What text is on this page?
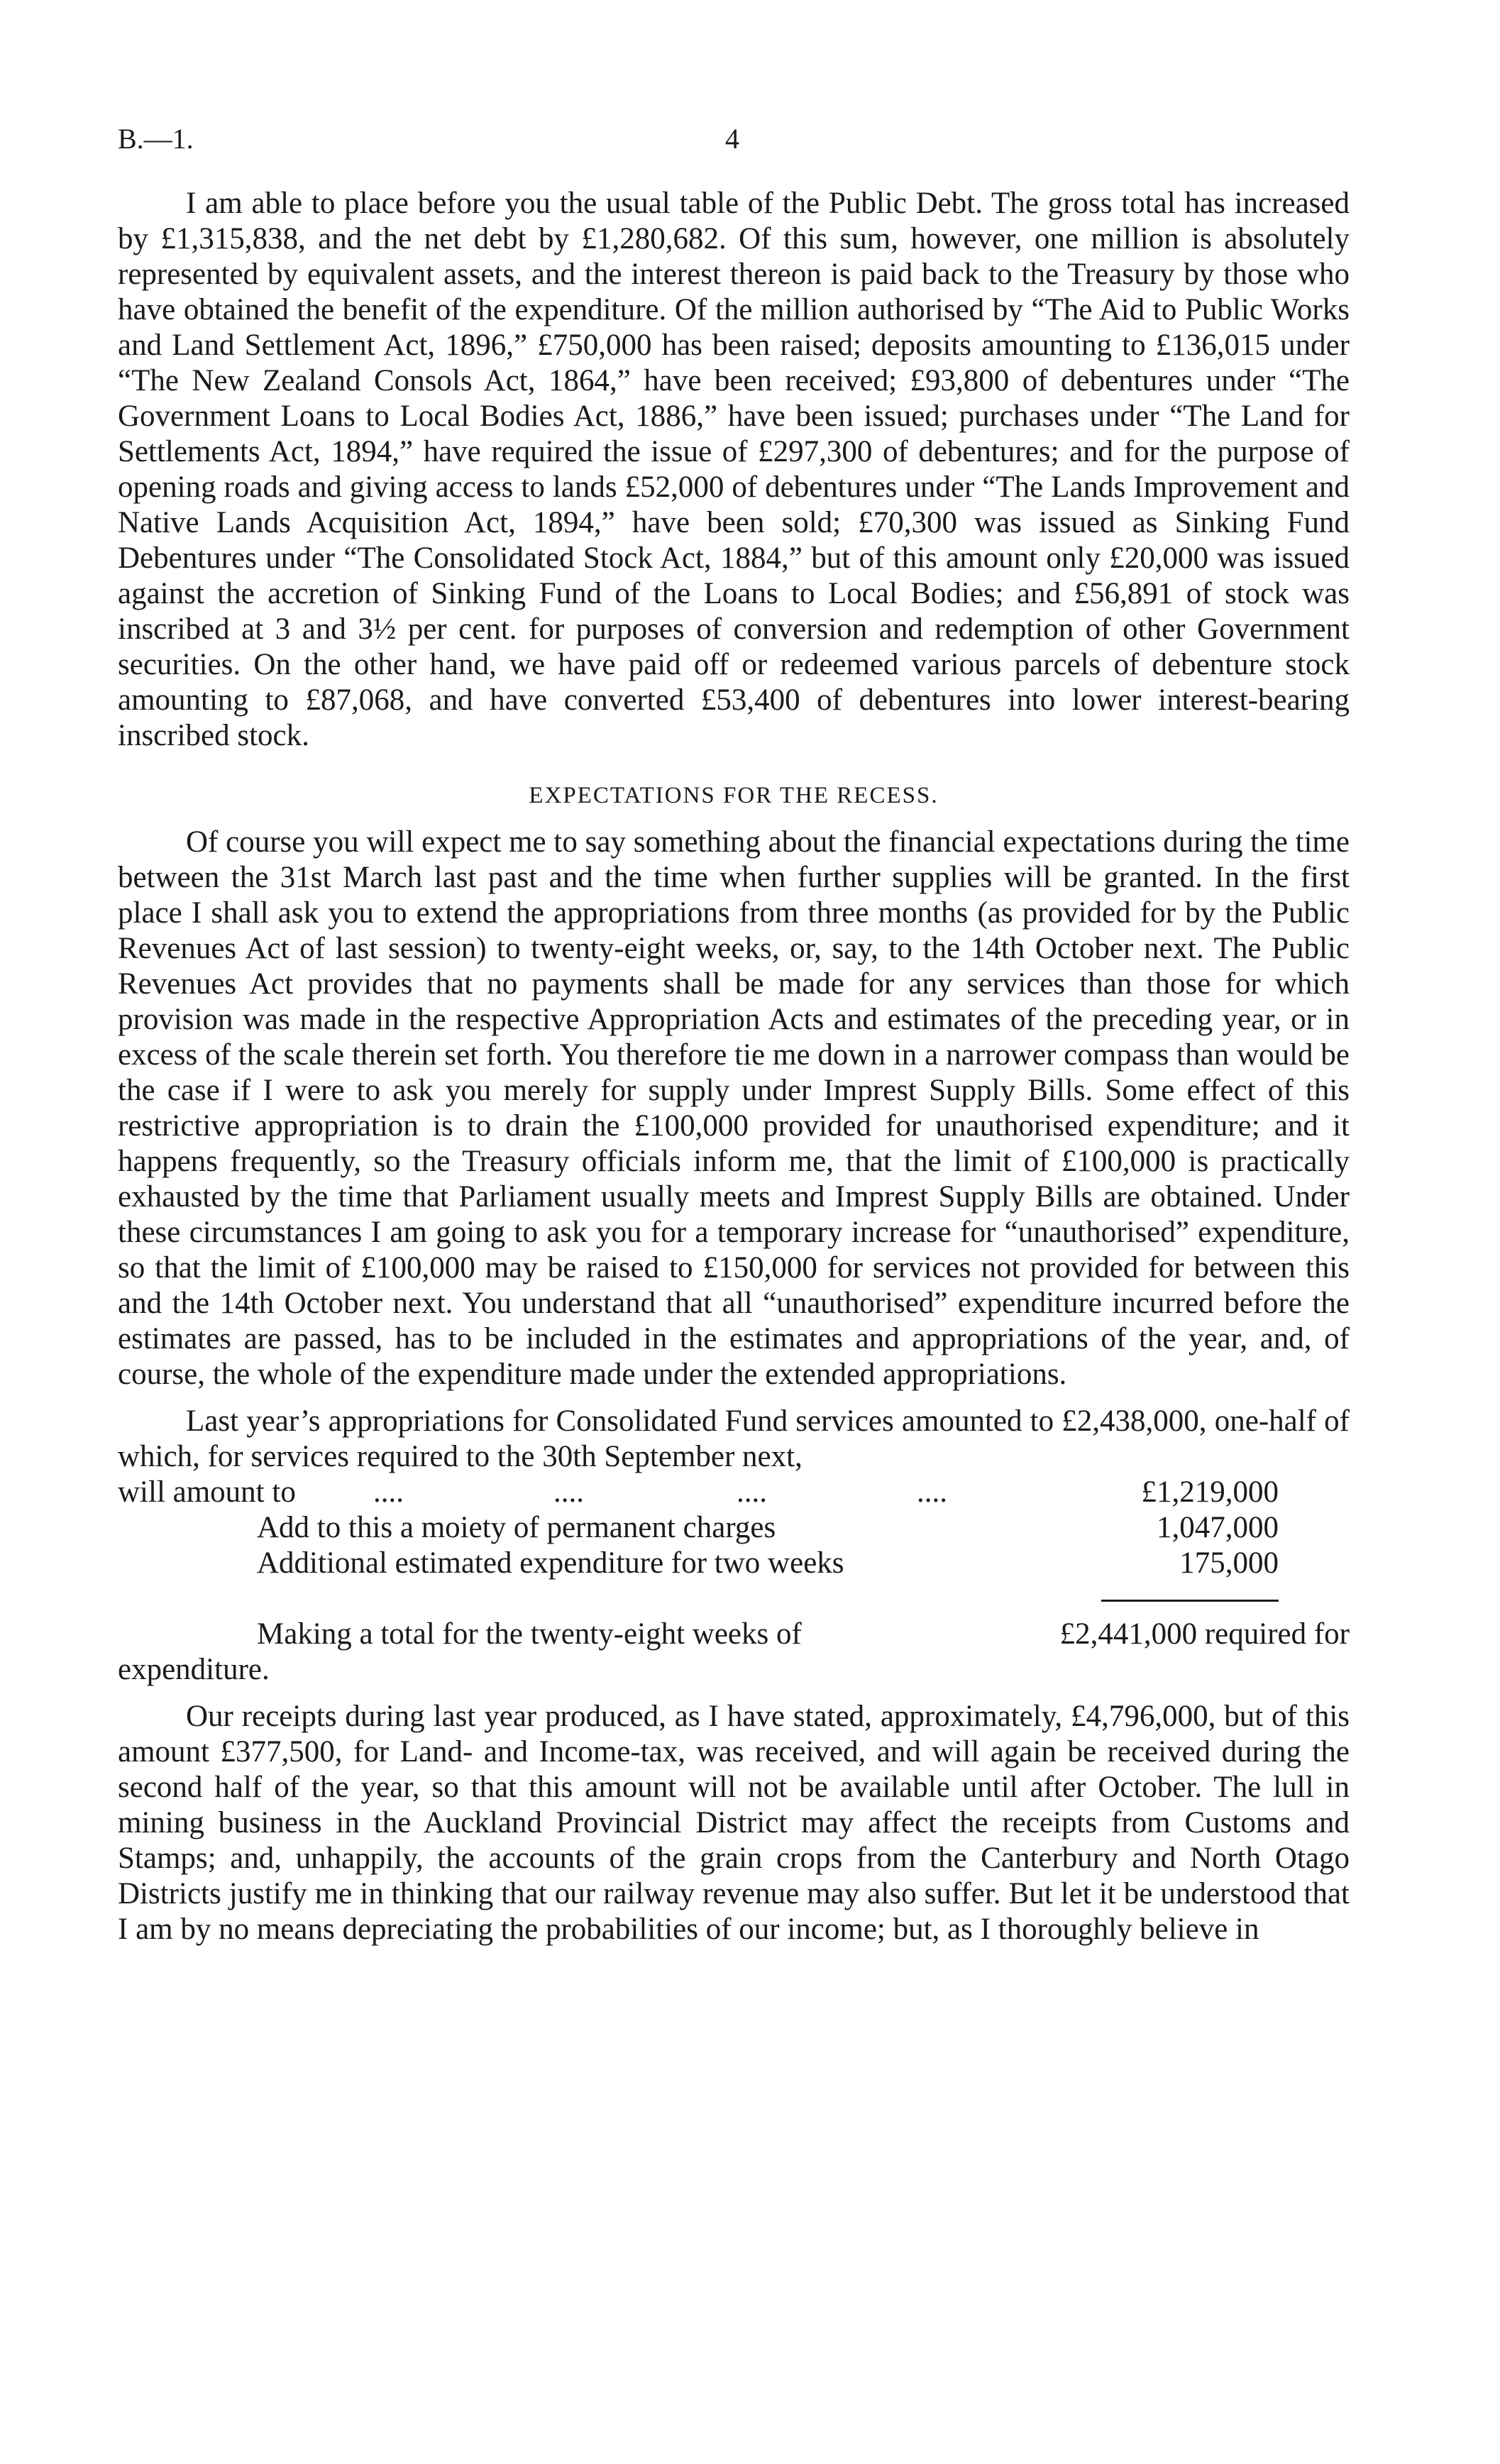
B.—1.	4

I am able to place before you the usual table of the Public Debt. The gross total has increased by £1,315,838, and the net debt by £1,280,682. Of this sum, however, one million is absolutely represented by equivalent assets, and the interest thereon is paid back to the Treasury by those who have obtained the benefit of the expenditure. Of the million authorised by “The Aid to Public Works and Land Settlement Act, 1896,” £750,000 has been raised; deposits amounting to £136,015 under “The New Zealand Consols Act, 1864,” have been received; £93,800 of debentures under “The Government Loans to Local Bodies Act, 1886,” have been issued; purchases under “The Land for Settlements Act, 1894,” have required the issue of £297,300 of debentures; and for the purpose of opening roads and giving access to lands £52,000 of debentures under “The Lands Improvement and Native Lands Acquisition Act, 1894,” have been sold; £70,300 was issued as Sinking Fund Debentures under “The Consolidated Stock Act, 1884,” but of this amount only £20,000 was issued against the accretion of Sinking Fund of the Loans to Local Bodies; and £56,891 of stock was inscribed at 3 and 3½ per cent. for purposes of conversion and redemption of other Government securities. On the other hand, we have paid off or redeemed various parcels of debenture stock amounting to £87,068, and have converted £53,400 of debentures into lower interest-bearing inscribed stock.

EXPECTATIONS FOR THE RECESS.

Of course you will expect me to say something about the financial expectations during the time between the 31st March last past and the time when further supplies will be granted. In the first place I shall ask you to extend the appropriations from three months (as provided for by the Public Revenues Act of last session) to twenty-eight weeks, or, say, to the 14th October next. The Public Revenues Act provides that no payments shall be made for any services than those for which provision was made in the respective Appropriation Acts and estimates of the preceding year, or in excess of the scale therein set forth. You therefore tie me down in a narrower compass than would be the case if I were to ask you merely for supply under Imprest Supply Bills. Some effect of this restrictive appropriation is to drain the £100,000 provided for unauthorised expenditure; and it happens frequently, so the Treasury officials inform me, that the limit of £100,000 is practically exhausted by the time that Parliament usually meets and Imprest Supply Bills are obtained. Under these circumstances I am going to ask you for a temporary increase for “unauthorised” expenditure, so that the limit of £100,000 may be raised to £150,000 for services not provided for between this and the 14th October next. You understand that all “unauthorised” expenditure incurred before the estimates are passed, has to be included in the estimates and appropriations of the year, and, of course, the whole of the expenditure made under the extended appropriations.

Last year’s appropriations for Consolidated Fund services amounted to £2,438,000, one-half of which, for services required to the 30th September next,
will amount to	....	....	....	....	£1,219,000
Add to this a moiety of permanent charges	1,047,000
Additional estimated expenditure for two weeks	175,000
Making a total for the twenty-eight weeks of	£2,441,000 required for
expenditure.

Our receipts during last year produced, as I have stated, approximately, £4,796,000, but of this amount £377,500, for Land- and Income-tax, was received, and will again be received during the second half of the year, so that this amount will not be available until after October. The lull in mining business in the Auckland Provincial District may affect the receipts from Customs and Stamps; and, unhappily, the accounts of the grain crops from the Canterbury and North Otago Districts justify me in thinking that our railway revenue may also suffer. But let it be understood that I am by no means depreciating the probabilities of our income; but, as I thoroughly believe in
